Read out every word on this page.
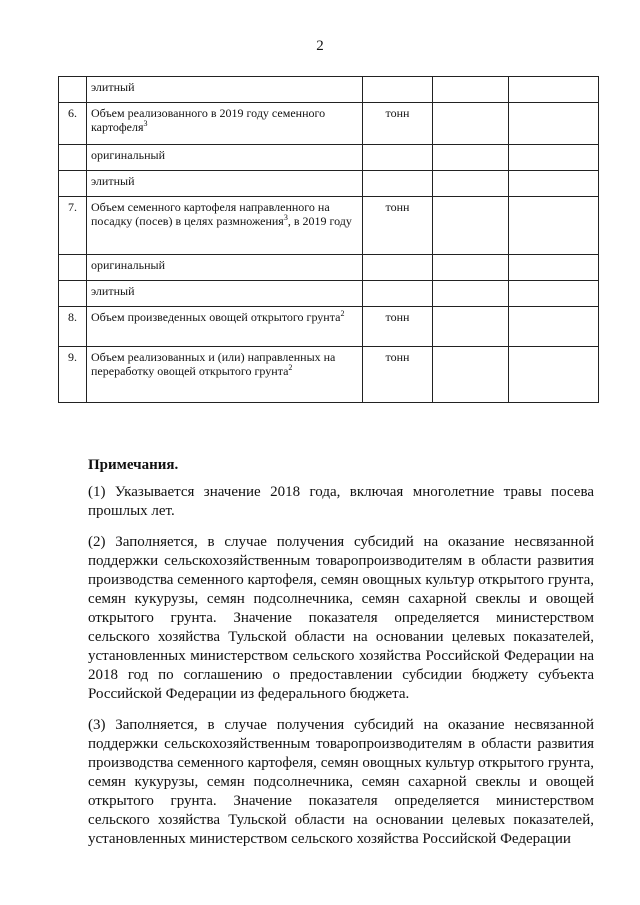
2
	элитный			
6.	Объем реализованного в 2019 году семенного картофеля$^3$	тонн		
	оригинальный			
	элитный			
7.	Объем семенного картофеля направленного на посадку (посев) в целях размножения$^3$, в 2019 году	тонн		
	оригинальный			
	элитный			
8.	Объем произведенных овощей открытого грунта$^2$	тонн		
9.	Объем реализованных и (или) направленных на переработку овощей открытого грунта$^2$	тонн		
Примечания.

(1) Указывается значение 2018 года, включая многолетние травы посева прошлых лет.

(2) Заполняется, в случае получения субсидий на оказание несвязанной поддержки сельскохозяйственным товаропроизводителям в области развития производства семенного картофеля, семян овощных культур открытого грунта, семян кукурузы, семян подсолнечника, семян сахарной свеклы и овощей открытого грунта. Значение показателя определяется министерством сельского хозяйства Тульской области на основании целевых показателей, установленных министерством сельского хозяйства Российской Федерации на 2018 год по соглашению о предоставлении субсидии бюджету субъекта Российской Федерации из федерального бюджета.

(3) Заполняется, в случае получения субсидий на оказание несвязанной поддержки сельскохозяйственным товаропроизводителям в области развития производства семенного картофеля, семян овощных культур открытого грунта, семян кукурузы, семян подсолнечника, семян сахарной свеклы и овощей открытого грунта. Значение показателя определяется министерством сельского хозяйства Тульской области на основании целевых показателей, установленных министерством сельского хозяйства Российской Федерации
